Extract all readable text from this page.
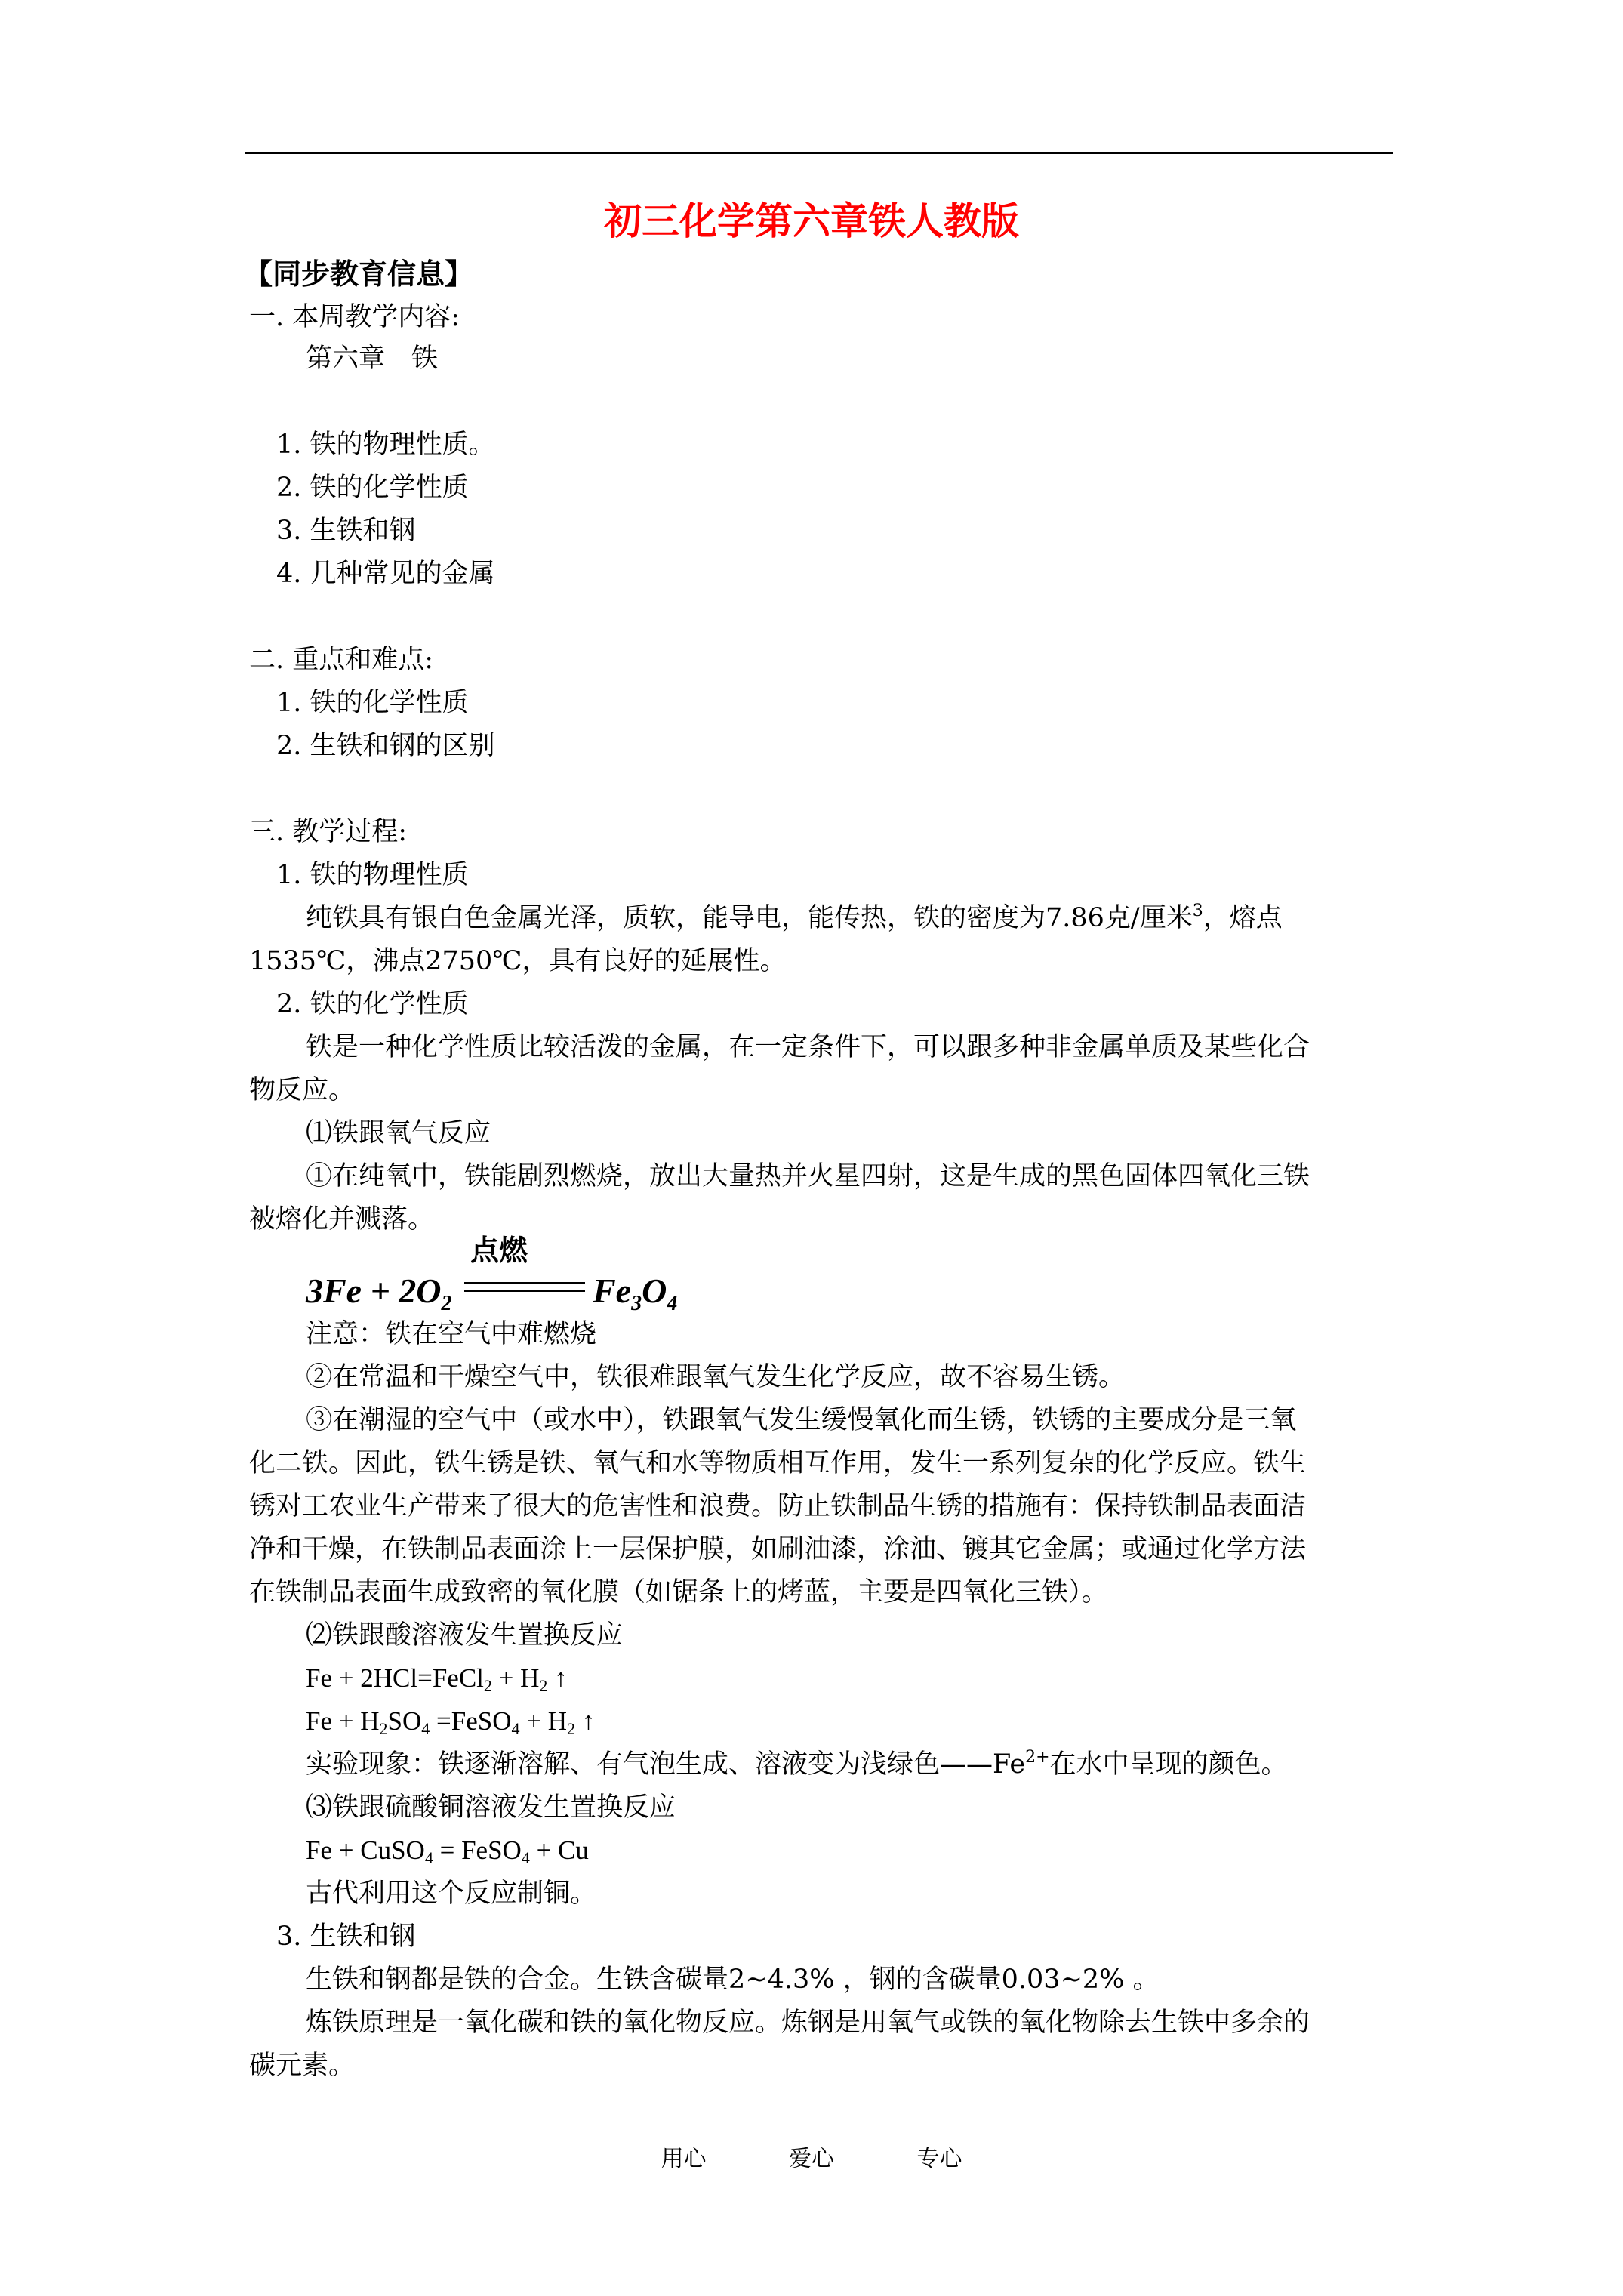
初三化学第六章铁人教版
【同步教育信息】
一. 本周教学内容:
第六章　铁
1. 铁的物理性质。
2. 铁的化学性质
3. 生铁和钢
4. 几种常见的金属
二. 重点和难点:
1. 铁的化学性质
2. 生铁和钢的区别
三. 教学过程:
1. 铁的物理性质
纯铁具有银白色金属光泽，质软，能导电，能传热，铁的密度为7.86克/厘米$^3$，熔点
1535℃，沸点2750℃，具有良好的延展性。
2. 铁的化学性质
铁是一种化学性质比较活泼的金属，在一定条件下，可以跟多种非金属单质及某些化合
物反应。
⑴铁跟氧气反应
①在纯氧中，铁能剧烈燃烧，放出大量热并火星四射，这是生成的黑色固体四氧化三铁
被熔化并溅落。
$3Fe + 2O_2$
点燃
$Fe_3O_4$
注意：铁在空气中难燃烧
②在常温和干燥空气中，铁很难跟氧气发生化学反应，故不容易生锈。
③在潮湿的空气中（或水中），铁跟氧气发生缓慢氧化而生锈，铁锈的主要成分是三氧
化二铁。因此，铁生锈是铁、氧气和水等物质相互作用，发生一系列复杂的化学反应。铁生
锈对工农业生产带来了很大的危害性和浪费。防止铁制品生锈的措施有：保持铁制品表面洁
净和干燥，在铁制品表面涂上一层保护膜，如刷油漆，涂油、镀其它金属；或通过化学方法
在铁制品表面生成致密的氧化膜（如锯条上的烤蓝，主要是四氧化三铁）。
⑵铁跟酸溶液发生置换反应
Fe + 2HCl=FeCl$_2$ + $H_2$ ↑
$Fe + H_2SO_4$ =FeSO$_4$ + $H_2$ ↑
实验现象：铁逐渐溶解、有气泡生成、溶液变为浅绿色$——Fe^{2+}$在水中呈现的颜色。
⑶铁跟硫酸铜溶液发生置换反应
Fe + CuSO$_4$ = FeSO$_4$ + Cu
古代利用这个反应制铜。
3. 生铁和钢
生铁和钢都是铁的合金。生铁含碳量2~4.3% ，钢的含碳量0.03~2% 。
炼铁原理是一氧化碳和铁的氧化物反应。炼钢是用氧气或铁的氧化物除去生铁中多余的
碳元素。
用心	爱心	专心
